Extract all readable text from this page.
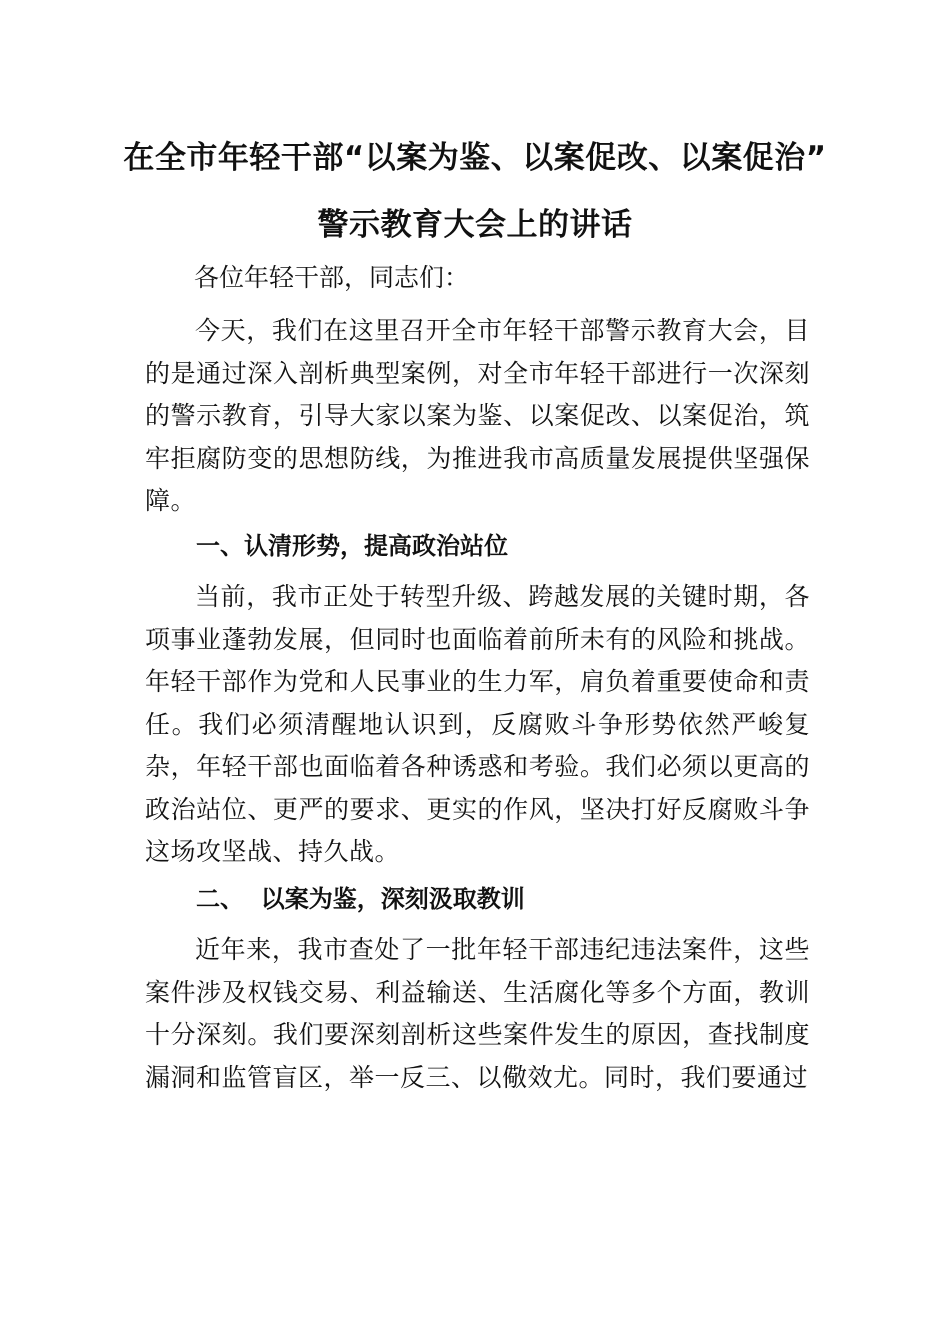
在全市年轻干部“以案为鉴、以案促改、以案促治”
警示教育大会上的讲话
各位年轻干部，同志们：

今天，我们在这里召开全市年轻干部警示教育大会，目的是通过深入剖析典型案例，对全市年轻干部进行一次深刻的警示教育，引导大家以案为鉴、以案促改、以案促治，筑牢拒腐防变的思想防线，为推进我市高质量发展提供坚强保障。

一、认清形势，提高政治站位

当前，我市正处于转型升级、跨越发展的关键时期，各项事业蓬勃发展，但同时也面临着前所未有的风险和挑战。年轻干部作为党和人民事业的生力军，肩负着重要使命和责任。我们必须清醒地认识到，反腐败斗争形势依然严峻复杂，年轻干部也面临着各种诱惑和考验。我们必须以更高的政治站位、更严的要求、更实的作风，坚决打好反腐败斗争这场攻坚战、持久战。

二、  以案为鉴，深刻汲取教训

近年来，我市查处了一批年轻干部违纪违法案件，这些案件涉及权钱交易、利益输送、生活腐化等多个方面，教训十分深刻。我们要深刻剖析这些案件发生的原因，查找制度漏洞和监管盲区，举一反三、以儆效尤。同时，我们要通过
